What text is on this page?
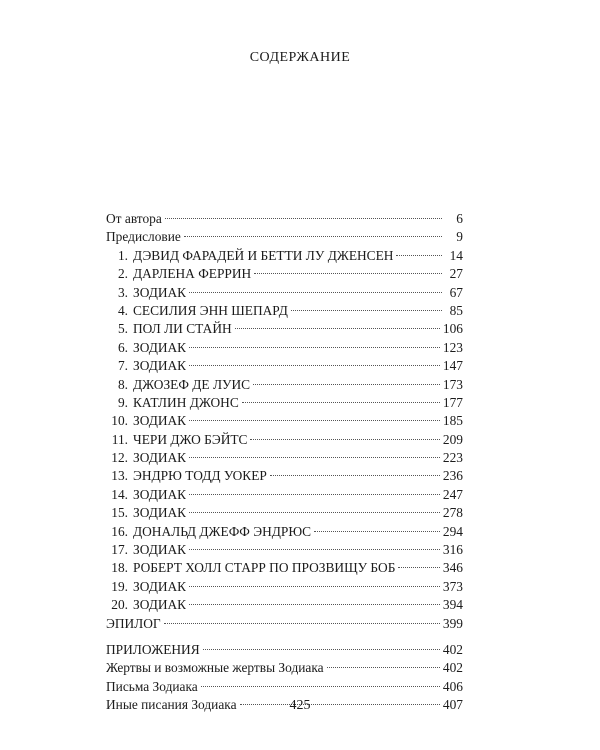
СОДЕРЖАНИЕ
От автора	6
Предисловие	9
1. ДЭВИД ФАРАДЕЙ И БЕТТИ ЛУ ДЖЕНСЕН	14
2. ДАРЛЕНА ФЕРРИН	27
3. ЗОДИАК	67
4. СЕСИЛИЯ ЭНН ШЕПАРД	85
5. ПОЛ ЛИ СТАЙН	106
6. ЗОДИАК	123
7. ЗОДИАК	147
8. ДЖОЗЕФ ДЕ ЛУИС	173
9. КАТЛИН ДЖОНС	177
10. ЗОДИАК	185
11. ЧЕРИ ДЖО БЭЙТС	209
12. ЗОДИАК	223
13. ЭНДРЮ ТОДД УОКЕР	236
14. ЗОДИАК	247
15. ЗОДИАК	278
16. ДОНАЛЬД ДЖЕФФ ЭНДРЮС	294
17. ЗОДИАК	316
18. РОБЕРТ ХОЛЛ СТАРР ПО ПРОЗВИЩУ БОБ	346
19. ЗОДИАК	373
20. ЗОДИАК	394
ЭПИЛОГ	399
ПРИЛОЖЕНИЯ	402
Жертвы и возможные жертвы Зодиака	402
Письма Зодиака	406
Иные писания Зодиака	407
425
